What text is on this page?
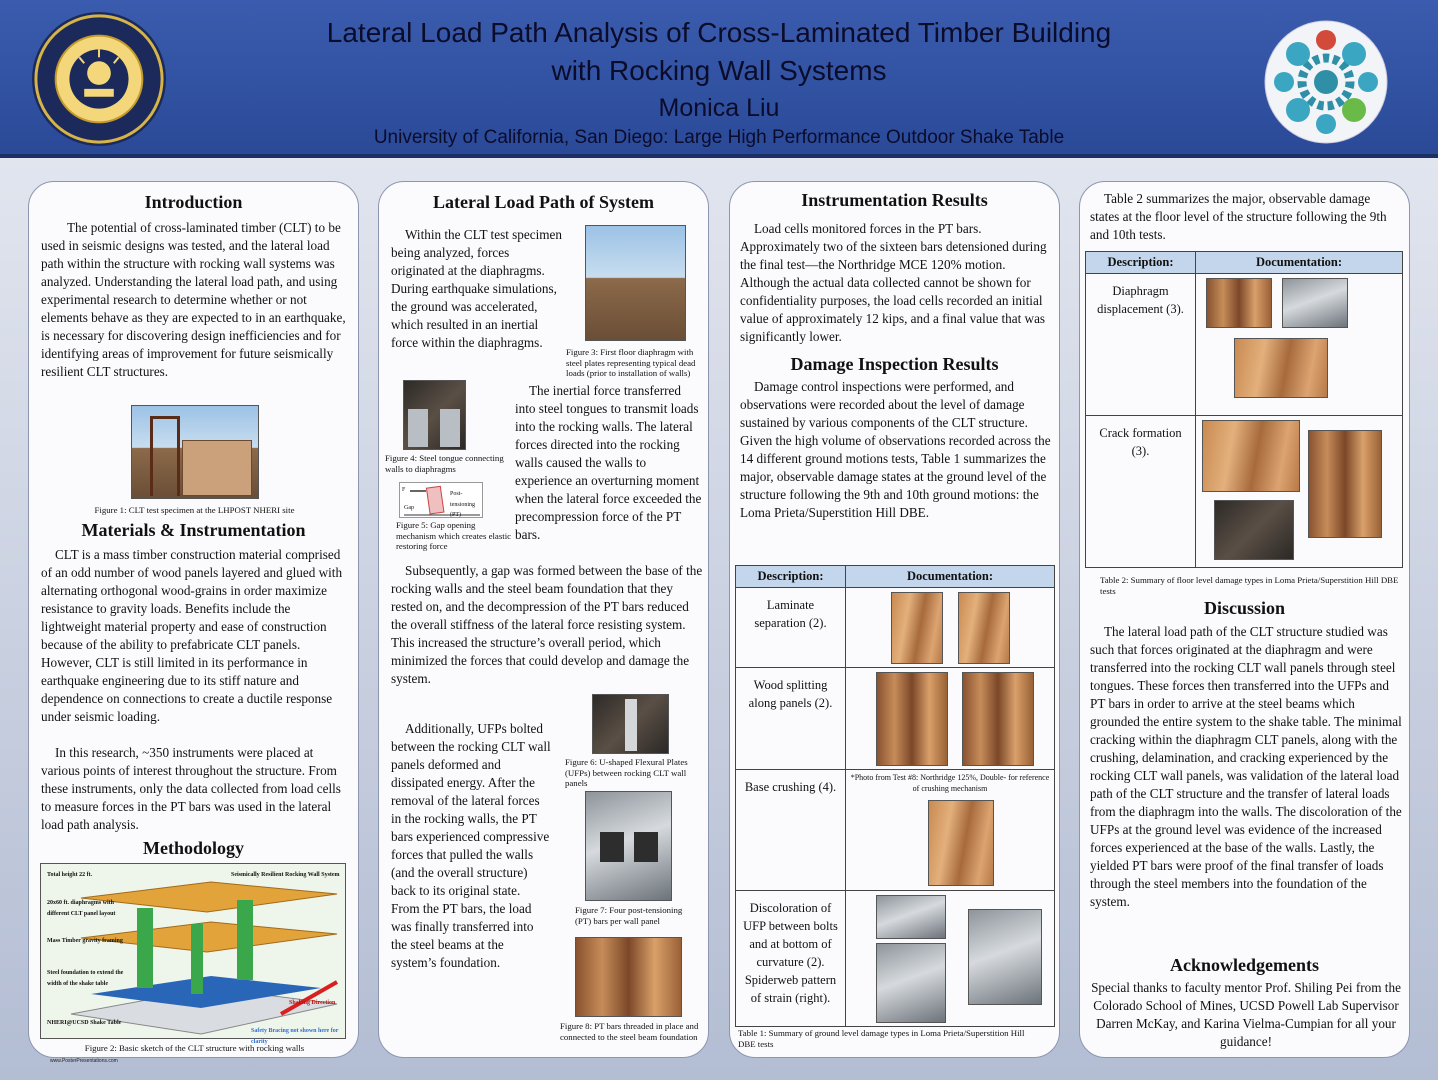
Lateral Load Path Analysis of Cross-Laminated Timber Building
with Rocking Wall Systems
Monica Liu
University of California, San Diego: Large High Performance Outdoor Shake Table
Introduction
The potential of cross-laminated timber (CLT) to be used in seismic designs was tested, and the lateral load path within the structure with rocking wall systems was analyzed. Understanding the lateral load path, and using experimental research to determine whether or not elements behave as they are expected to in an earthquake, is necessary for discovering design inefficiencies and for identifying areas of improvement for future seismically resilient CLT structures.
Figure 1: CLT test specimen at the LHPOST NHERI site
Materials & Instrumentation
CLT is a mass timber construction material comprised of an odd number of wood panels layered and glued with alternating orthogonal wood-grains in order maximize resistance to gravity loads. Benefits include the lightweight material property and ease of construction because of the ability to prefabricate CLT panels. However, CLT is still limited in its performance in earthquake engineering due to its stiff nature and dependence on connections to create a ductile response under seismic loading.
In this research, ~350 instruments were placed at various points of interest throughout the structure. From these instruments, only the data collected from load cells to measure forces in the PT bars was used in the lateral load path analysis.
Methodology
Total height 22 ft.	Seismically Resilient Rocking Wall System
20x60 ft. diaphragms with different CLT panel layout
Mass Timber gravity framing
Steel foundation to extend the width of the shake table
NHERI@UCSD Shake Table
Shaking Direction
Safety Bracing not shown here for clarity
Figure 2: Basic sketch of the CLT structure with rocking walls
Lateral Load Path of System
Within the CLT test specimen being analyzed, forces originated at the diaphragms. During earthquake simulations, the ground was accelerated, which resulted in an inertial force within the diaphragms.
Figure 3: First floor diaphragm with steel plates representing typical dead loads (prior to installation of walls)
Figure 4: Steel tongue connecting walls to diaphragms
F
Gap
Post-tensioning (PT)
Figure 5: Gap opening mechanism which creates elastic restoring force
The inertial force transferred into steel tongues to transmit loads into the rocking walls. The lateral forces directed into the rocking walls caused the walls to experience an overturning moment when the lateral force exceeded the precompression force of the PT bars.
Subsequently, a gap was formed between the base of the rocking walls and the steel beam foundation that they rested on, and the decompression of the PT bars reduced the overall stiffness of the lateral force resisting system. This increased the structure’s overall period, which minimized the forces that could develop and damage the system.
Additionally, UFPs bolted between the rocking CLT wall panels deformed and dissipated energy. After the removal of the lateral forces in the rocking walls, the PT bars experienced compressive forces that pulled the walls (and the overall structure) back to its original state. From the PT bars, the load was finally transferred into the steel beams at the system’s foundation.
Figure 6: U-shaped Flexural Plates (UFPs) between rocking CLT wall panels
Figure 7: Four post-tensioning (PT) bars per wall panel
Figure 8: PT bars threaded in place and connected to the steel beam foundation
Instrumentation Results
Load cells monitored forces in the PT bars. Approximately two of the sixteen bars detensioned during the final test—the Northridge MCE 120% motion. Although the actual data collected cannot be shown for confidentiality purposes, the load cells recorded an initial value of approximately 12 kips, and a final value that was significantly lower.
Damage Inspection Results
Damage control inspections were performed, and observations were recorded about the level of damage sustained by various components of the CLT structure. Given the high volume of observations recorded across the 14 different ground motions tests, Table 1 summarizes the major, observable damage states at the ground level of the structure following the 9th and 10th ground motions: the Loma Prieta/Superstition Hill DBE.
Description:	Documentation:
Laminate separation (2).	

Wood splitting along panels (2).	

Base crushing (4).	*Photo from Test #8: Northridge 125%, Double- for reference of crushing mechanism

Discoloration of UFP between bolts and at bottom of curvature (2). Spiderweb pattern of strain (right).	
Table 1: Summary of ground level damage types in Loma Prieta/Superstition Hill DBE tests
Table 2 summarizes the major, observable damage states at the floor level of the structure following the 9th and 10th tests.
Description:	Documentation:
Diaphragm displacement (3).	

Crack formation (3).	
Table 2: Summary of floor level damage types in Loma Prieta/Superstition Hill DBE tests
Discussion
The lateral load path of the CLT structure studied was such that forces originated at the diaphragm and were transferred into the rocking CLT wall panels through steel tongues. These forces then transferred into the UFPs and PT bars in order to arrive at the steel beams which grounded the entire system to the shake table. The minimal cracking within the diaphragm CLT panels, along with the crushing, delamination, and cracking experienced by the rocking CLT wall panels, was validation of the lateral load path of the CLT structure and the transfer of lateral loads from the diaphragm into the walls. The discoloration of the UFPs at the ground level was evidence of the increased forces experienced at the base of the walls. Lastly, the yielded PT bars were proof of the final transfer of loads through the steel members into the foundation of the system.
Acknowledgements
Special thanks to faculty mentor Prof. Shiling Pei from the Colorado School of Mines, UCSD Powell Lab Supervisor Darren McKay, and Karina Vielma-Cumpian for all your guidance!
www.PosterPresentations.com
